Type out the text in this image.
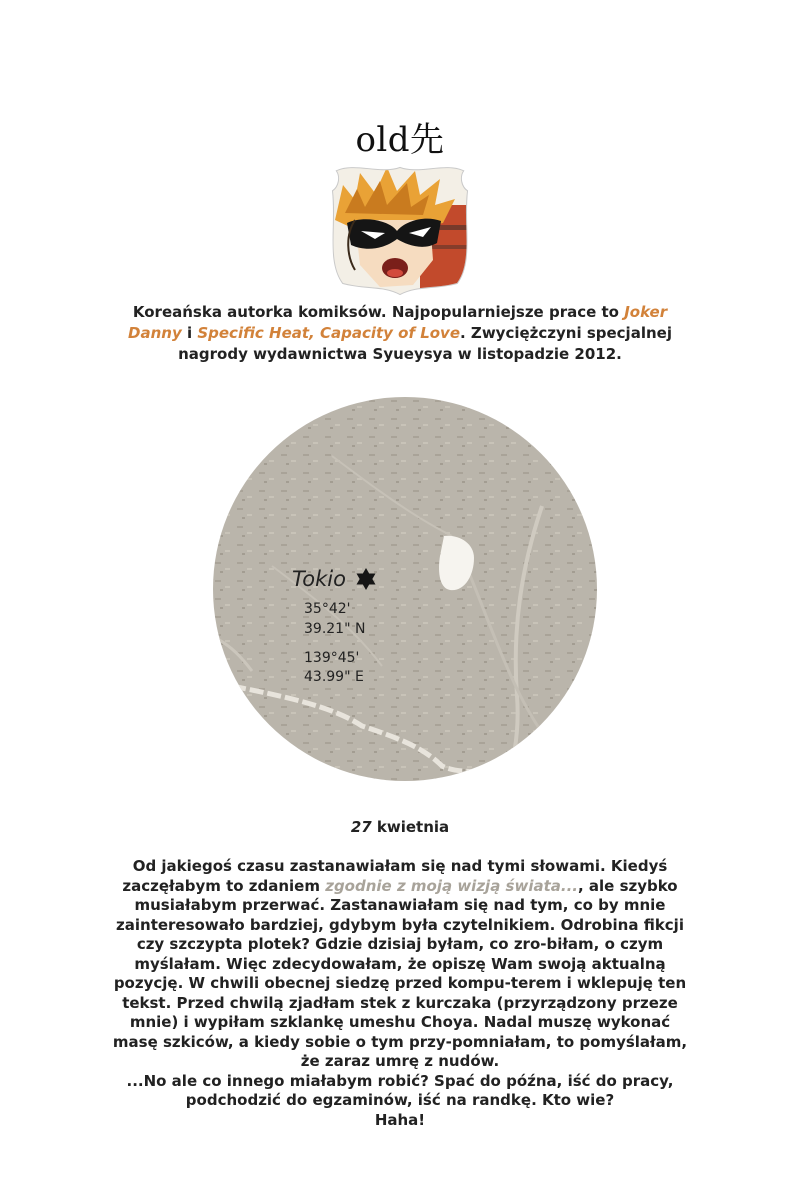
old先
Koreańska autorka komiksów. Najpopularniejsze prace to Joker Danny i Specific Heat, Capacity of Love. Zwyciężczyni specjalnej nagrody wydawnictwa Syueysya w listopadzie 2012.
Tokio
35°42'
39.21" N
139°45'
43.99" E
27 kwietnia
Od jakiegoś czasu zastanawiałam się nad tymi słowami. Kiedyś zaczęłabym to zdaniem zgodnie z moją wizją świata..., ale szybko musiałabym przerwać. Zastanawiałam się nad tym, co by mnie zainteresowało bardziej, gdybym była czytelnikiem. Odrobina fikcji czy szczypta plotek? Gdzie dzisiaj byłam, co zro-biłam, o czym myślałam. Więc zdecydowałam, że opiszę Wam swoją aktualną pozycję. W chwili obecnej siedzę przed kompu-terem i wklepuję ten tekst. Przed chwilą zjadłam stek z kurczaka (przyrządzony przeze mnie) i wypiłam szklankę umeshu Choya. Nadal muszę wykonać masę szkiców, a kiedy sobie o tym przy-pomniałam, to pomyślałam, że zaraz umrę z nudów.
...No ale co innego miałabym robić? Spać do późna, iść do pracy, podchodzić do egzaminów, iść na randkę. Kto wie?
Haha!
